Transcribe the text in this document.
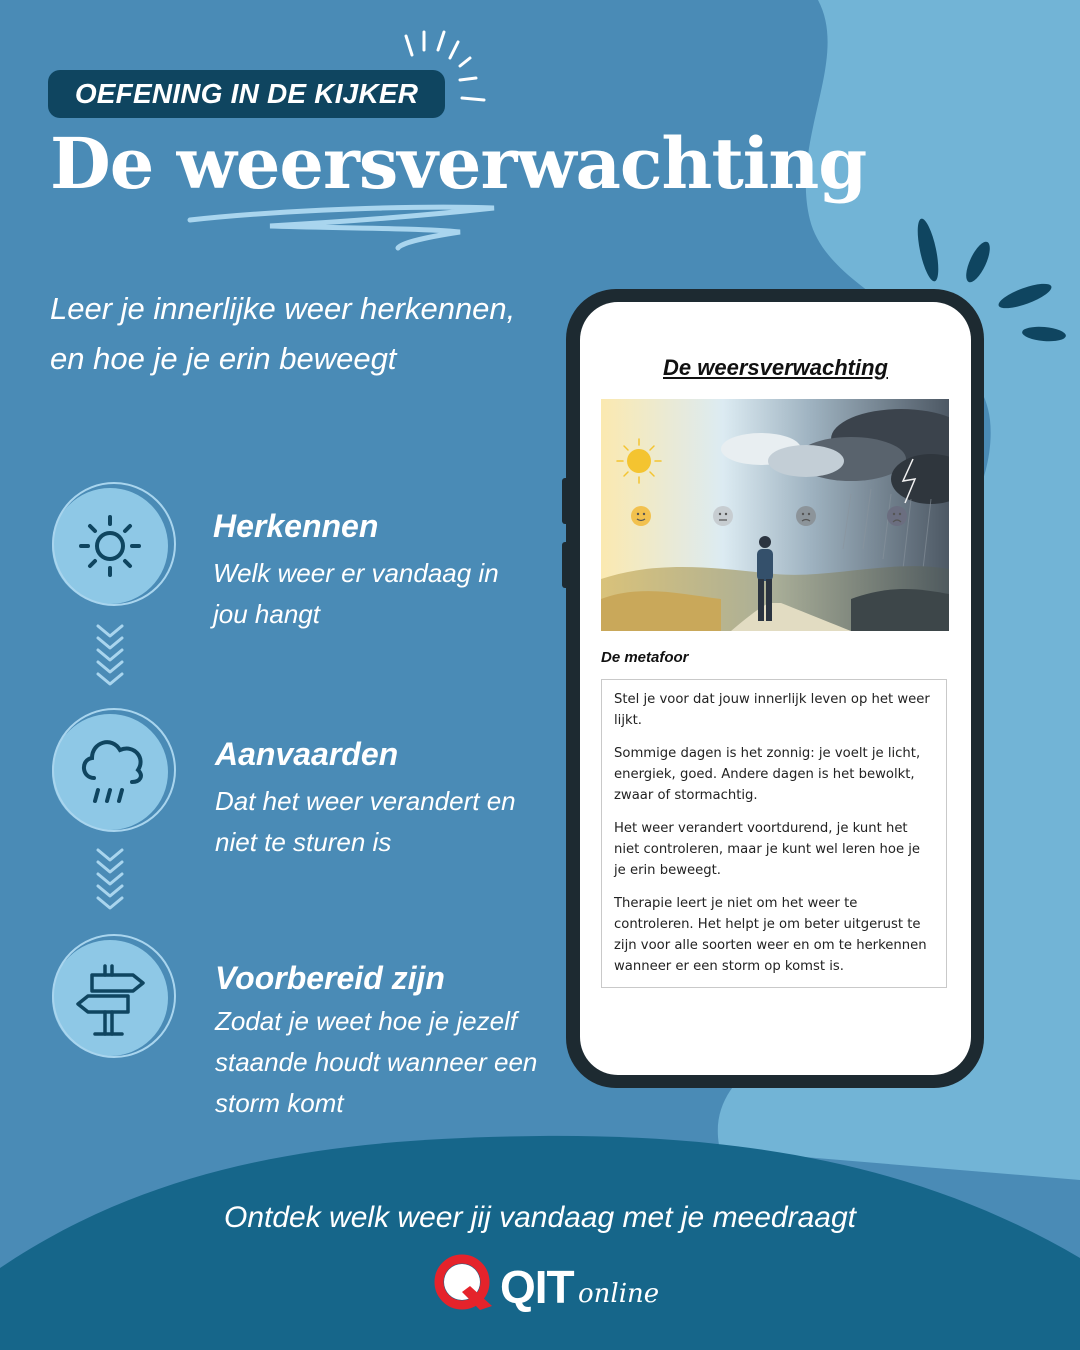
OEFENING IN DE KIJKER
De weersverwachting
Leer je innerlijke weer herkennen, en hoe je je erin beweegt
Herkennen
Welk weer er vandaag in jou hangt
Aanvaarden
Dat het weer verandert en niet te sturen is
Voorbereid zijn
Zodat je weet hoe je jezelf staande houdt wanneer een storm komt
De weersverwachting
De metafoor

Stel je voor dat jouw innerlijk leven op het weer lijkt.

Sommige dagen is het zonnig: je voelt je licht, energiek, goed. Andere dagen is het bewolkt, zwaar of stormachtig.

Het weer verandert voortdurend, je kunt het niet controleren, maar je kunt wel leren hoe je je erin beweegt.

Therapie leert je niet om het weer te controleren. Het helpt je om beter uitgerust te zijn voor alle soorten weer en om te herkennen wanneer er een storm op komst is.

Ontdek welk weer jij vandaag met je meedraagt
QIT online
